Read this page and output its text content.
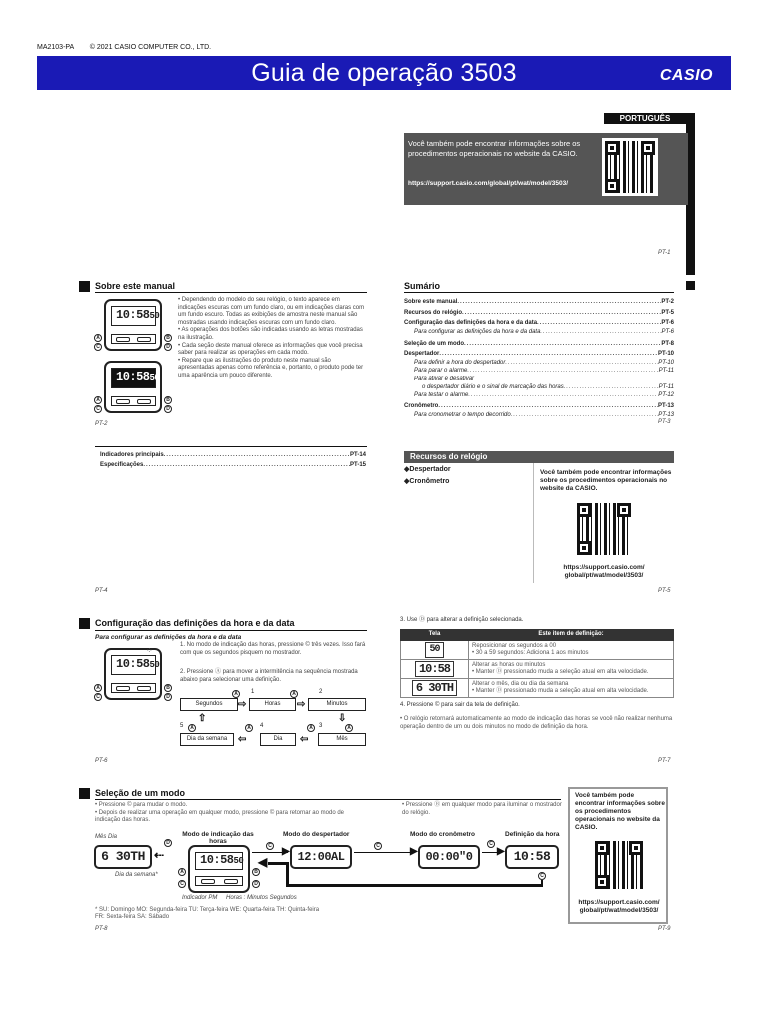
MA2103-PA © 2021 CASIO COMPUTER CO., LTD.
Guia de operação 3503	CASIO
PORTUGUÊS
Você também pode encontrar informações sobre os procedimentos operacionais no website da CASIO.
https://support.casio.com/global/pt/wat/model/3503/
PT-1
Sobre este manual
10:5850
A
C
B
D
10:5850
A
C
B
D
• Dependendo do modelo do seu relógio, o texto aparece em indicações escuras com um fundo claro, ou em indicações claras com um fundo escuro. Todas as exibições de amostra neste manual são mostradas usando indicações escuras com um fundo claro.
• As operações dos botões são indicadas usando as letras mostradas na ilustração.
• Cada seção deste manual oferece as informações que você precisa saber para realizar as operações em cada modo.
• Repare que as ilustrações do produto neste manual são apresentadas apenas como referência e, portanto, o produto pode ter uma aparência um pouco diferente.
PT-2
Sumário
Sobre este manual .....	PT-2
Recursos do relógio .....	PT-5
Configuração das definições da hora e da data .....	PT-6
Para configurar as definições da hora e da data .....	PT-6
Seleção de um modo .....	PT-8
Despertador .....	PT-10
Para definir a hora do despertador .....	PT-10
Para parar o alarme .....	PT-11
Para ativar e desativar
o despertador diário e o sinal de marcação das horas .....	PT-11
Para testar o alarme .....	PT-12
Cronômetro .....	PT-13
Para cronometrar o tempo decorrido .....	PT-13
PT-3
Indicadores principais .....	PT-14
Especificações .....	PT-15
PT-4
Recursos do relógio
◆Despertador
◆Cronômetro
Você também pode encontrar informações sobre os procedimentos operacionais no website da CASIO.
https://support.casio.com/ global/pt/wat/model/3503/
PT-5
Configuração das definições da hora e da data
Para configurar as definições da hora e da data
10:5850
⁘
A
C
B
D
1. No modo de indicação das horas, pressione © três vezes. Isso fará com que os segundos pisquem no mostrador.
2. Pressione Ⓐ para mover a intermitência na sequência mostrada abaixo para selecionar uma definição.
Segundos	Horas	Minutos
Mês
Dia
Dia da semana
1	2
3
4
5
⇨	⇨
⇩
⇦
⇦
⇧
A	A
A
A
A
A
PT-6
3. Use Ⓓ para alterar a definição selecionada.
Tela	Este item de definição:
50	Reposicionar os segundos a 00
• 30 a 59 segundos: Adiciona 1 aos minutos
10:58	Alterar as horas ou minutos
• Manter Ⓓ pressionado muda a seleção atual em alta velocidade.
6 30TH	Alterar o mês, dia ou dia da semana
• Manter Ⓓ pressionado muda a seleção atual em alta velocidade.
4. Pressione © para sair da tela de definição.
• O relógio retornará automaticamente ao modo de indicação das horas se você não realizar nenhuma operação dentro de um ou dois minutos no modo de definição da hora.
PT-7
Seleção de um modo
• Pressione © para mudar o modo.
• Depois de realizar uma operação em qualquer modo, pressione © para retornar ao modo de indicação das horas.
• Pressione Ⓑ em qualquer modo para iluminar o mostrador do relógio.
Modo de indicação das horas
Modo do despertador	Modo do cronômetro	Definição da hora
Mês Dia
6 30TH
Dia da semana*
⇠	10:5850
A
C
B
D
D
Indicador PM Horas : Minutos Segundos
▶
C
12:00AL	▶
C
00:00"0	▶
C
10:58
C
◀
* SU: Domingo MO: Segunda-feira TU: Terça-feira WE: Quarta-feira TH: Quinta-feira
FR: Sexta-feira SA: Sábado
PT-8
Você também pode encontrar informações sobre os procedimentos operacionais no website da CASIO.
https://support.casio.com/ global/pt/wat/model/3503/
PT-9
